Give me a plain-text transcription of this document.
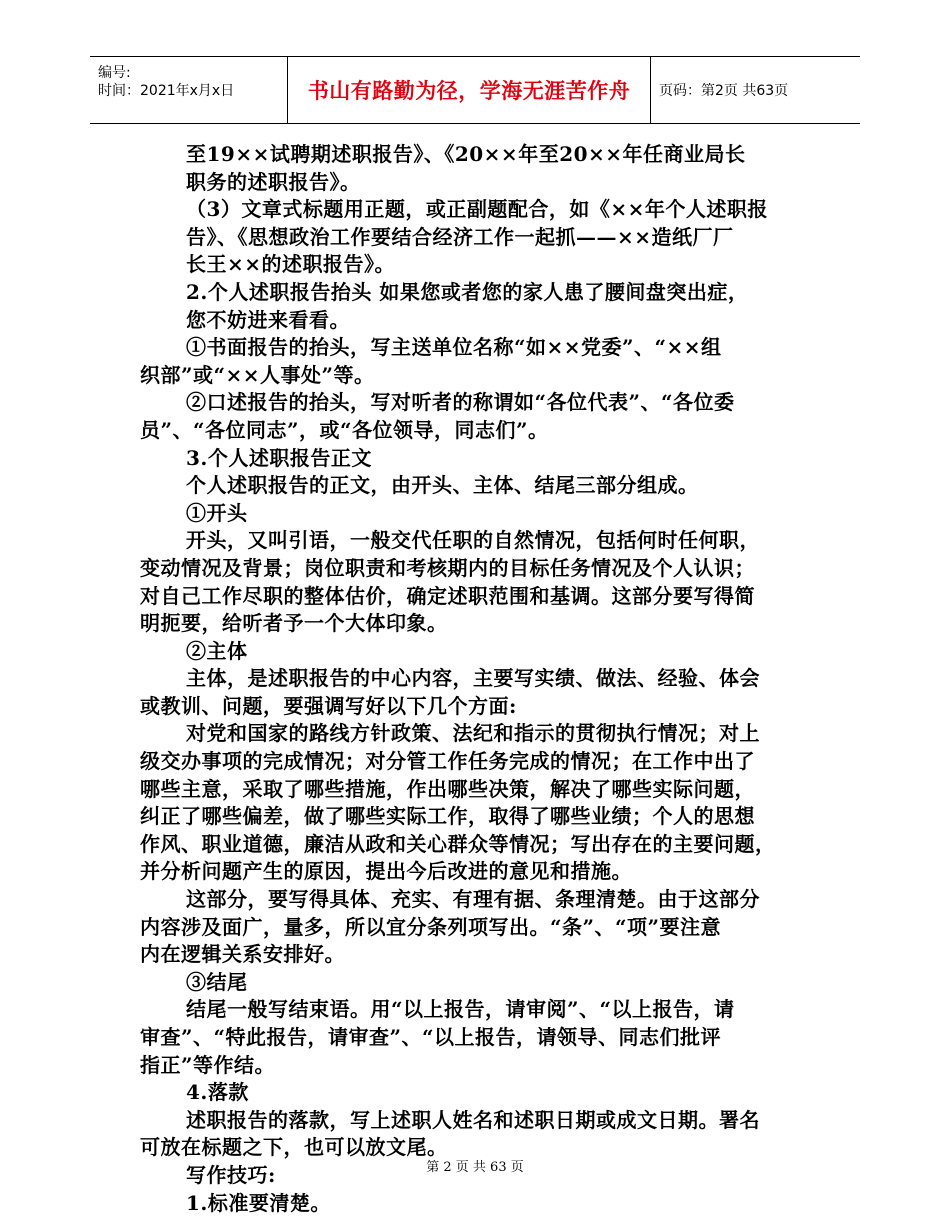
编号:
时间：2021年x月x日	书山有路勤为径，学海无涯苦作舟	页码：第2页 共63页
至19××试聘期述职报告》、《20××年至20××年任商业局长
职务的述职报告》。
（3）文章式标题用正题，或正副题配合，如《××年个人述职报
告》、《思想政治工作要结合经济工作一起抓——××造纸厂厂
长王××的述职报告》。
2.个人述职报告抬头 如果您或者您的家人患了腰间盘突出症，
您不妨进来看看。
①书面报告的抬头，写主送单位名称“如××党委”、“××组
织部”或“××人事处”等。
②口述报告的抬头，写对听者的称谓如“各位代表”、“各位委
员”、“各位同志”，或“各位领导，同志们”。
3.个人述职报告正文
个人述职报告的正文，由开头、主体、结尾三部分组成。
①开头
开头，又叫引语，一般交代任职的自然情况，包括何时任何职，
变动情况及背景；岗位职责和考核期内的目标任务情况及个人认识；
对自己工作尽职的整体估价，确定述职范围和基调。这部分要写得简
明扼要，给听者予一个大体印象。
②主体
主体，是述职报告的中心内容，主要写实绩、做法、经验、体会
或教训、问题，要强调写好以下几个方面:
对党和国家的路线方针政策、法纪和指示的贯彻执行情况；对上
级交办事项的完成情况；对分管工作任务完成的情况；在工作中出了
哪些主意，采取了哪些措施，作出哪些决策，解决了哪些实际问题，
纠正了哪些偏差，做了哪些实际工作，取得了哪些业绩；个人的思想
作风、职业道德，廉洁从政和关心群众等情况；写出存在的主要问题，
并分析问题产生的原因，提出今后改进的意见和措施。
这部分，要写得具体、充实、有理有据、条理清楚。由于这部分
内容涉及面广，量多，所以宜分条列项写出。“条”、“项”要注意
内在逻辑关系安排好。
③结尾
结尾一般写结束语。用“以上报告，请审阅”、“以上报告，请
审查”、“特此报告，请审查”、“以上报告，请领导、同志们批评
指正”等作结。
4.落款
述职报告的落款，写上述职人姓名和述职日期或成文日期。署名
可放在标题之下，也可以放文尾。
写作技巧:
1.标准要清楚。
第 2 页 共 63 页
